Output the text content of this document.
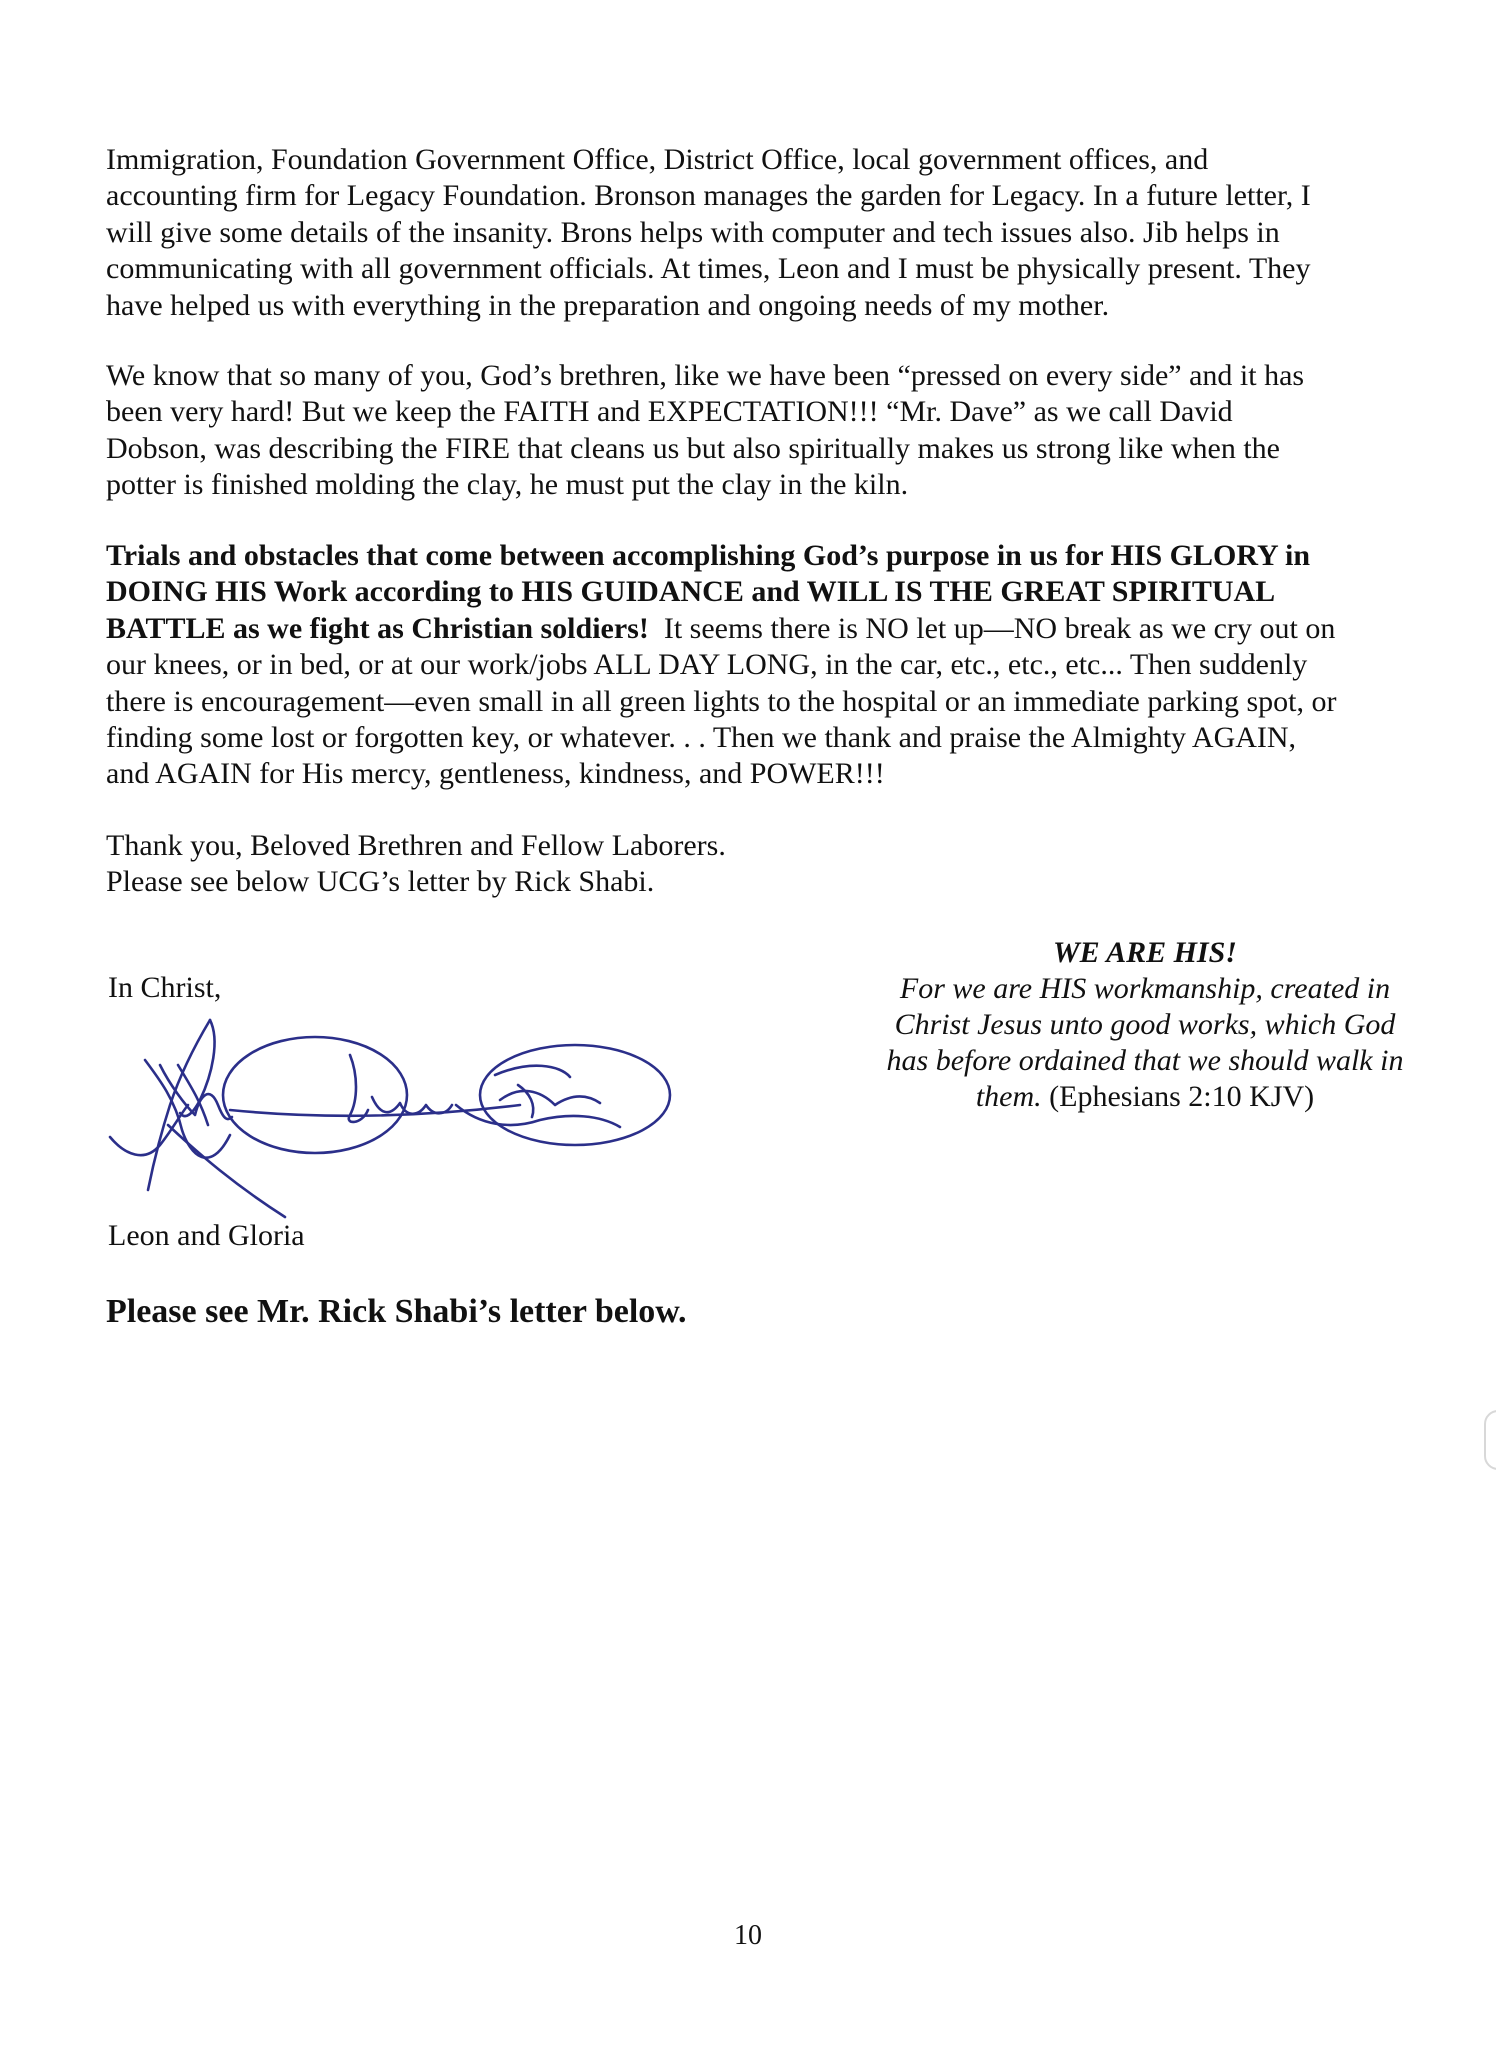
Immigration, Foundation Government Office, District Office, local government offices, and
accounting firm for Legacy Foundation. Bronson manages the garden for Legacy. In a future letter, I
will give some details of the insanity. Brons helps with computer and tech issues also. Jib helps in
communicating with all government officials. At times, Leon and I must be physically present. They
have helped us with everything in the preparation and ongoing needs of my mother.

We know that so many of you, God’s brethren, like we have been “pressed on every side” and it has
been very hard! But we keep the FAITH and EXPECTATION!!! “Mr. Dave” as we call David
Dobson, was describing the FIRE that cleans us but also spiritually makes us strong like when the
potter is finished molding the clay, he must put the clay in the kiln.

Trials and obstacles that come between accomplishing God’s purpose in us for HIS GLORY in
DOING HIS Work according to HIS GUIDANCE and WILL IS THE GREAT SPIRITUAL
BATTLE as we fight as Christian soldiers!  It seems there is NO let up—NO break as we cry out on
our knees, or in bed, or at our work/jobs ALL DAY LONG, in the car, etc., etc., etc... Then suddenly
there is encouragement—even small in all green lights to the hospital or an immediate parking spot, or
finding some lost or forgotten key, or whatever. . . Then we thank and praise the Almighty AGAIN,
and AGAIN for His mercy, gentleness, kindness, and POWER!!!

Thank you, Beloved Brethren and Fellow Laborers.
Please see below UCG’s letter by Rick Shabi.

In Christ,
Leon and Gloria
Please see Mr. Rick Shabi’s letter below.
WE ARE HIS!
For we are HIS workmanship, created in
Christ Jesus unto good works, which God
has before ordained that we should walk in
them. (Ephesians 2:10 KJV)
10
